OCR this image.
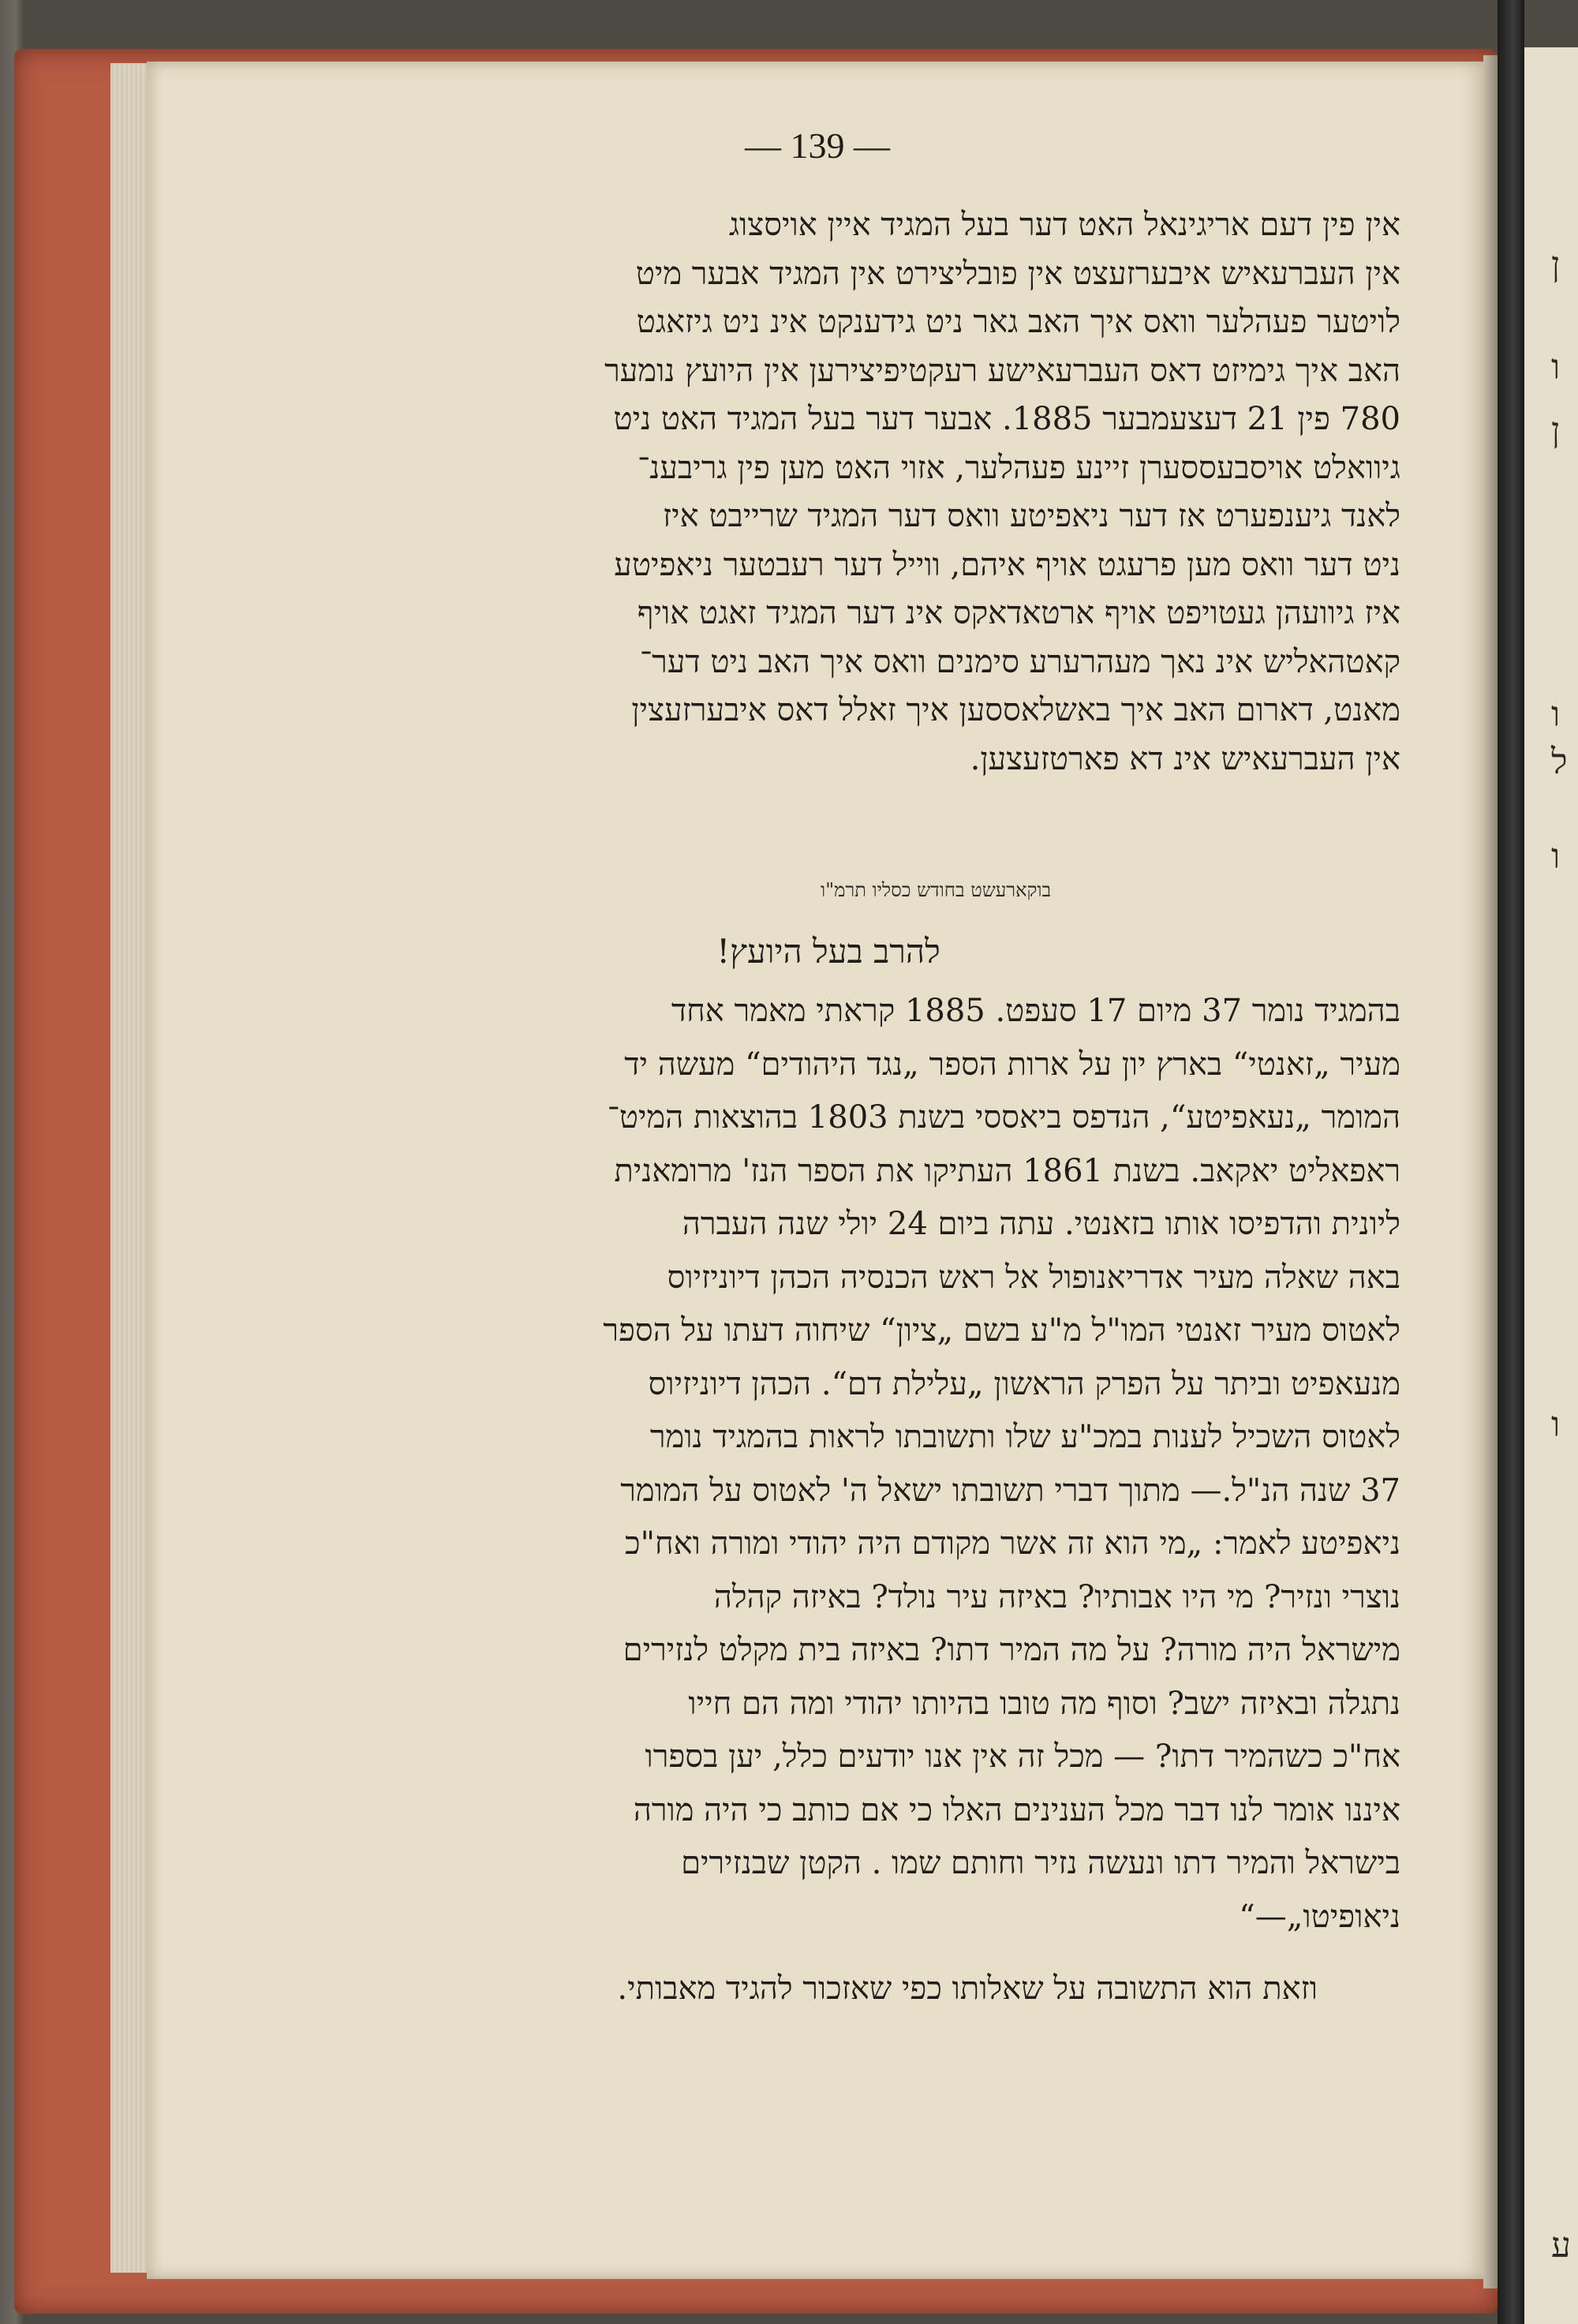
ן
ו
ן
ו
ל
ו
ו
ע
— 139 —
אין פין דעם אריגינאל האט דער בעל המגיד איין אויסצוג
אין העברעאיש איבערזעצט אין פובליצירט אין המגיד אבער מיט
לויטער פעהלער וואס איך האב גאר ניט גידענקט אינ ניט גיזאגט
האב איך גימיזט דאס העברעאישע רעקטיפיצירען אין היועץ נומער
780 פין 21 דעצעמבער 1885. אבער דער בעל המגיד האט ניט
גיוואלט אויסבעססערן זיינע פעהלער, אזוי האט מען פין גריבענ־
לאנד גיענפערט אז דער ניאפיטע וואס דער המגיד שרייבט איז
ניט דער וואס מען פרעגט אויף איהם, ווייל דער רעבטער ניאפיטע
איז גיוועהן געטויפט אויף ארטאדאקס אינ דער המגיד זאגט אויף
קאטהאליש אינ נאך מעהרערע סימנים וואס איך האב ניט דער־
מאנט, דארום האב איך באשלאססען איך זאלל דאס איבערזעצין
אין העברעאיש אינ דא פארטזעצען.
בוקארעשט בחודש כסליו תרמ"ו
להרב בעל היועץ!
בהמגיד נומר 37 מיום 17 סעפט. 1885 קראתי מאמר אחד
מעיר „זאנטי“ בארץ יון על ארות הספר „נגד היהודים“ מעשה יד
המומר „נעאפיטע“, הנדפס ביאססי בשנת 1803 בהוצאות המיט־
ראפאליט יאקאב. בשנת 1861 העתיקו את הספר הנז' מרומאנית
ליונית והדפיסו אותו בזאנטי. עתה ביום 24 יולי שנה העברה
באה שאלה מעיר אדריאנופול אל ראש הכנסיה הכהן דיוניזיוס
לאטוס מעיר זאנטי המו"ל מ"ע בשם „ציון“ שיחוה דעתו על הספר
מנעאפיט וביתר על הפרק הראשון „עלילת דם“. הכהן דיוניזיוס
לאטוס השכיל לענות במכ"ע שלו ותשובתו לראות בהמגיד נומר
37 שנה הנ"ל.— מתוך דברי תשובתו ישאל ה' לאטוס על המומר
ניאפיטע לאמר: „מי הוא זה אשר מקודם היה יהודי ומורה ואח"כ
נוצרי ונזיר? מי היו אבותיו? באיזה עיר נולד? באיזה קהלה
מישראל היה מורה? על מה המיר דתו? באיזה בית מקלט לנזירים
נתגלה ובאיזה ישב? וסוף מה טובו בהיותו יהודי ומה הם חייו
אח"כ כשהמיר דתו? — מכל זה אין אנו יודעים כלל, יען בספרו
איננו אומר לנו דבר מכל הענינים האלו כי אם כותב כי היה מורה
בישראל והמיר דתו ונעשה נזיר וחותם שמו . הקטן שבנזירים
ניאופיטו„—“
וזאת הוא התשובה על שאלותו כפי שאזכור להגיד מאבותי.
